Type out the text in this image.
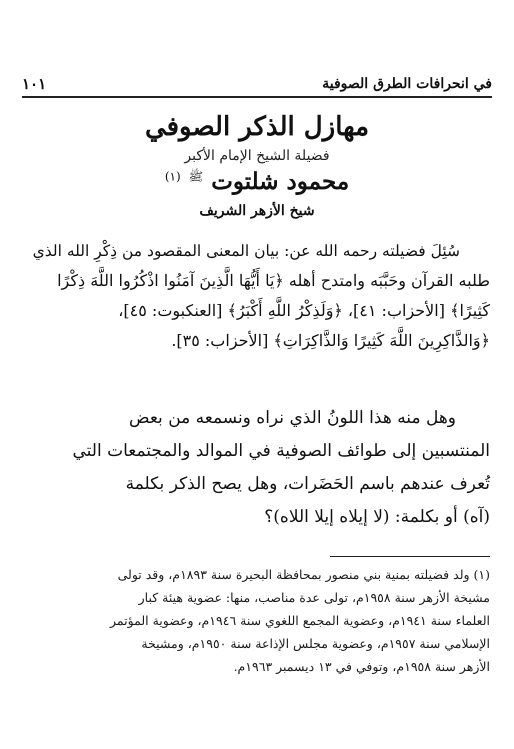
في انحرافات الطرق الصوفية
١٠١
مهازل الذكر الصوفي
فضيلة الشيخ الإمام الأكبر
محمود شلتوت $^ﷺ$ $^{(١)}$
شيخ الأزهر الشريف
سُئِلَ فضيلته رحمه الله عن: بيان المعنى المقصود من ذِكْرِ الله الذي
طلبه القرآن وحَبَّبَه وامتدح أهله ﴿يَا أَيُّهَا الَّذِينَ آمَنُوا اذْكُرُوا اللَّهَ ذِكْرًا
كَثِيرًا﴾ [الأحزاب: ٤١]، ﴿وَلَذِكْرُ اللَّهِ أَكْبَرُ﴾ [العنكبوت: ٤٥]،
﴿وَالذَّاكِرِينَ اللَّهَ كَثِيرًا وَالذَّاكِرَاتِ﴾ [الأحزاب: ٣٥].
وهل منه هذا اللونُ الذي نراه ونسمعه من بعض
المنتسبين إلى طوائف الصوفية في الموالد والمجتمعات التي
تُعرف عندهم باسم الحَضَرات، وهل يصح الذكر بكلمة
(آه) أو بكلمة: (لا إيلاه إيلا اللاه)؟
(١) ولد فضيلته بمنية بني منصور بمحافظة البحيرة سنة ١٨٩٣م، وقد تولى
مشيخة الأزهر سنة ١٩٥٨م، تولى عدة مناصب، منها: عضوية هيئة كبار
العلماء سنة ١٩٤١م، وعضوية المجمع اللغوي سنة ١٩٤٦م، وعضوية المؤتمر
الإسلامي سنة ١٩٥٧م، وعضوية مجلس الإذاعة سنة ١٩٥٠م، ومشيخة
الأزهر سنة ١٩٥٨م، وتوفي في ١٣ ديسمبر ١٩٦٣م.
